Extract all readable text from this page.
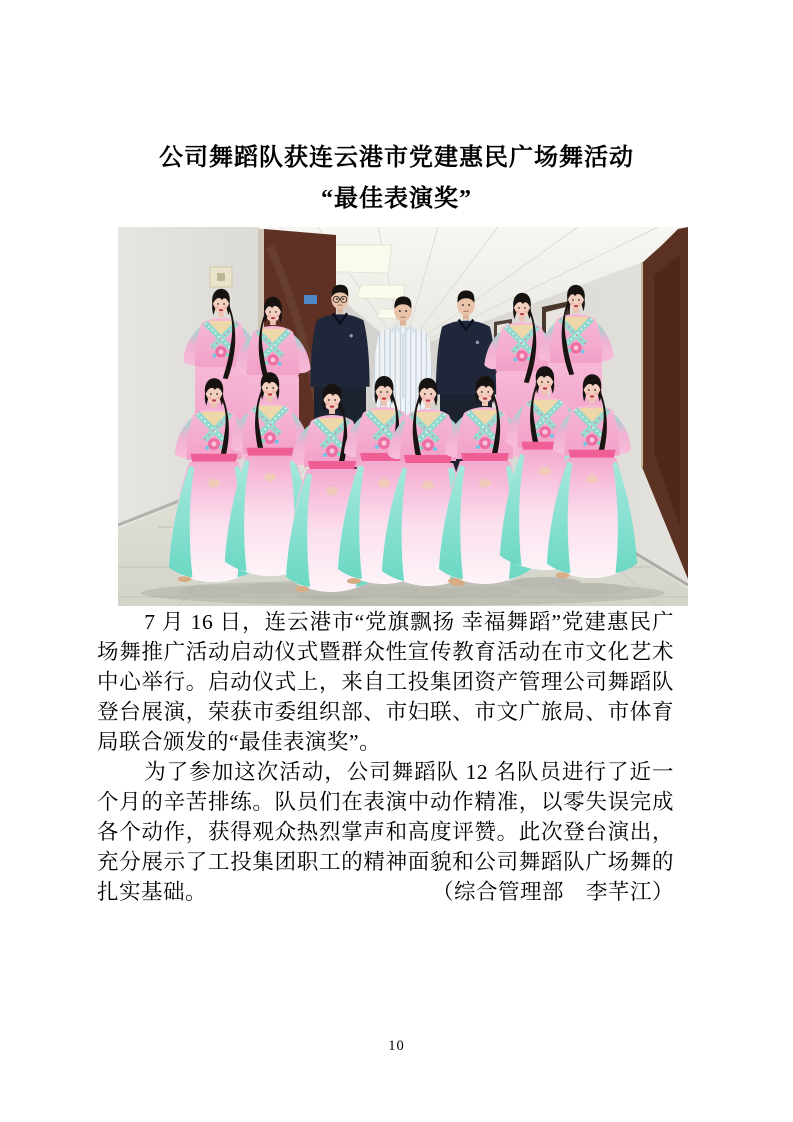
公司舞蹈队获连云港市党建惠民广场舞活动
“最佳表演奖”

7 月 16 日，连云港市“党旗飘扬 幸福舞蹈”党建惠民广场舞推广活动启动仪式暨群众性宣传教育活动在市文化艺术中心举行。启动仪式上，来自工投集团资产管理公司舞蹈队登台展演，荣获市委组织部、市妇联、市文广旅局、市体育局联合颁发的“最佳表演奖”。

为了参加这次活动，公司舞蹈队 12 名队员进行了近一个月的辛苦排练。队员们在表演中动作精准，以零失误完成各个动作，获得观众热烈掌声和高度评赞。此次登台演出，充分展示了工投集团职工的精神面貌和公司舞蹈队广场舞的扎实基础。	（综合管理部　李芊江）

10
